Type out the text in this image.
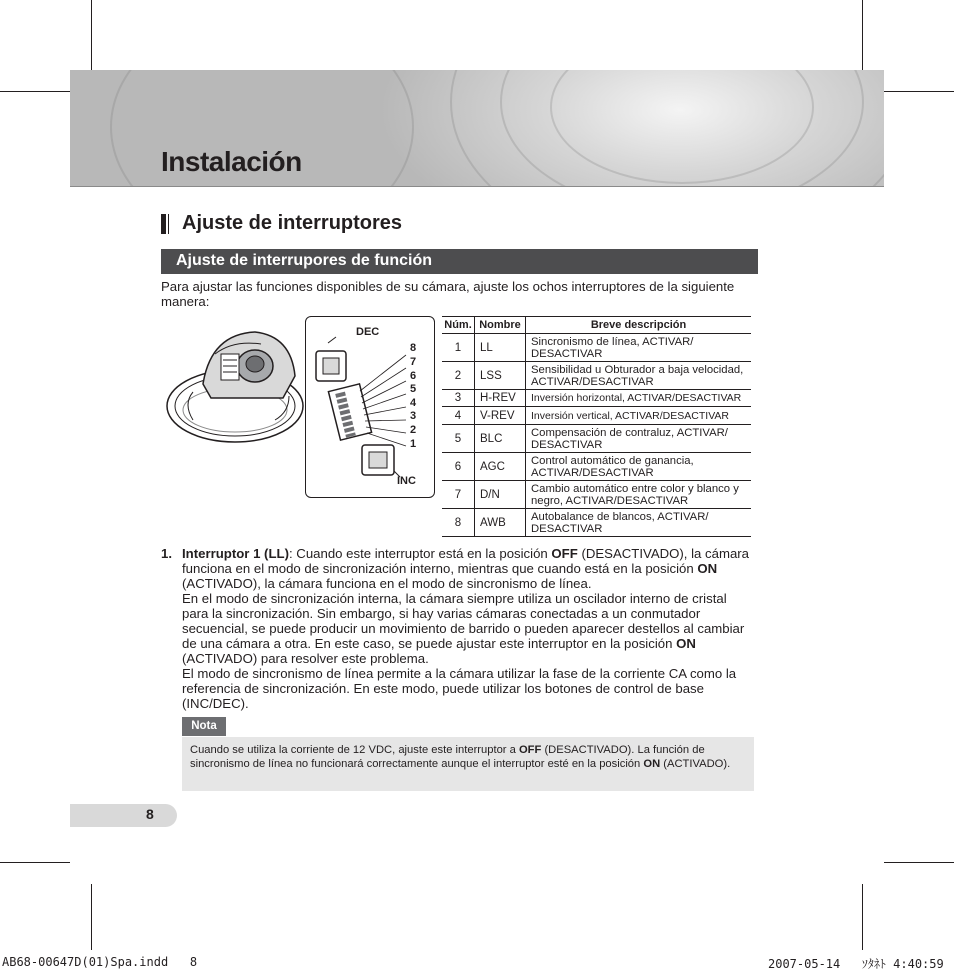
Instalación
Ajuste de interruptores
Ajuste de interrupores de función

Para ajustar las funciones disponibles de su cámara, ajuste los ochos interruptores de la siguiente manera:

DEC
INC
8
7
6
5
4
3
2
1
Núm.	Nombre	Breve descripción
1	LL	Sincronismo de línea, ACTIVAR/ DESACTIVAR
2	LSS	Sensibilidad u Obturador a baja velocidad, ACTIVAR/DESACTIVAR
3	H-REV	Inversión horizontal, ACTIVAR/DESACTIVAR
4	V-REV	Inversión vertical, ACTIVAR/DESACTIVAR
5	BLC	Compensación de contraluz, ACTIVAR/ DESACTIVAR
6	AGC	Control automático de ganancia, ACTIVAR/DESACTIVAR
7	D/N	Cambio automático entre color y blanco y negro, ACTIVAR/DESACTIVAR
8	AWB	Autobalance de blancos, ACTIVAR/ DESACTIVAR
1. Interruptor 1 (LL): Cuando este interruptor está en la posición OFF (DESACTIVADO), la cámara funciona en el modo de sincronización interno, mientras que cuando está en la posición ON (ACTIVADO), la cámara funciona en el modo de sincronismo de línea.

En el modo de sincronización interna, la cámara siempre utiliza un oscilador interno de cristal para la sincronización. Sin embargo, si hay varias cámaras conectadas a un conmutador secuencial, se puede producir un movimiento de barrido o pueden aparecer destellos al cambiar de una cámara a otra. En este caso, se puede ajustar este interruptor en la posición ON (ACTIVADO) para resolver este problema.

El modo de sincronismo de línea permite a la cámara utilizar la fase de la corriente CA como la referencia de sincronización. En este modo, puede utilizar los botones de control de base (INC/DEC).

Nota

Cuando se utiliza la corriente de 12 VDC, ajuste este interruptor a OFF (DESACTIVADO). La función de sincronismo de línea no funcionará correctamente aunque el interruptor esté en la posición ON (ACTIVADO).

8
AB68-00647D(01)Spa.indd   8	2007-05-14   ｿﾀﾈﾄ 4:40:59
